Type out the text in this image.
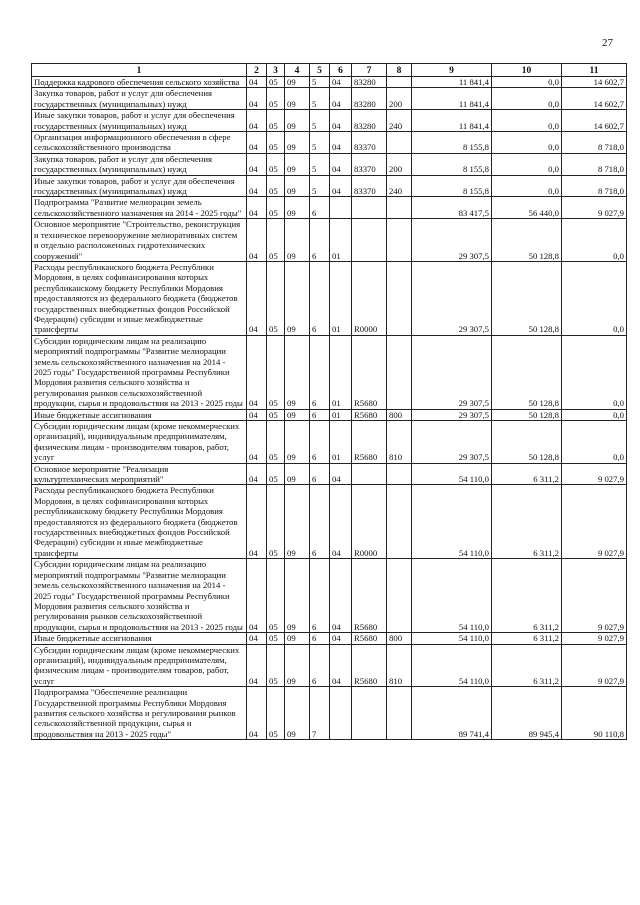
27
1	2	3	4	5	6	7	8	9	10	11
Поддержка кадрового обеспечения сельского хозяйства	04	05	09	5	04	83280		11 841,4	0,0	14 602,7
Закупка товаров, работ и услуг для обеспечения государственных (муниципальных) нужд	04	05	09	5	04	83280	200	11 841,4	0,0	14 602,7
Иные закупки товаров, работ и услуг для обеспечения государственных (муниципальных) нужд	04	05	09	5	04	83280	240	11 841,4	0,0	14 602,7
Организация информационного обеспечения в сфере сельскохозяйственного производства	04	05	09	5	04	83370		8 155,8	0,0	8 718,0
Закупка товаров, работ и услуг для обеспечения государственных (муниципальных) нужд	04	05	09	5	04	83370	200	8 155,8	0,0	8 718,0
Иные закупки товаров, работ и услуг для обеспечения государственных (муниципальных) нужд	04	05	09	5	04	83370	240	8 155,8	0,0	8 718,0
Подпрограмма "Развитие мелиорации земель сельскохозяйственного назначения на 2014 - 2025 годы"	04	05	09	6				83 417,5	56 440,0	9 027,9
Основное мероприятие "Строительство, реконструкция и техническое перевооружение мелиоративных систем и отдельно расположенных гидротехнических сооружений"	04	05	09	6	01			29 307,5	50 128,8	0,0
Расходы республиканского бюджета Республики Мордовия, в целях софинансирования которых республиканскому бюджету Республики Мордовия предоставляются из федерального бюджета (бюджетов государственных внебюджетных фондов Российской Федерации) субсидии и иные межбюджетные трансферты	04	05	09	6	01	R0000		29 307,5	50 128,8	0,0
Субсидии юридическим лицам на реализацию мероприятий подпрограммы "Развитие мелиорации земель сельскохозяйственного назначения на 2014 - 2025 годы" Государственной программы Республики Мордовия развития сельского хозяйства и регулирования рынков сельскохозяйственной продукции, сырья и продовольствия на 2013 - 2025 годы	04	05	09	6	01	R5680		29 307,5	50 128,8	0,0
Иные бюджетные ассигнования	04	05	09	6	01	R5680	800	29 307,5	50 128,8	0,0
Субсидии юридическим лицам (кроме некоммерческих организаций), индивидуальным предпринимателям, физическим лицам - производителям товаров, работ, услуг	04	05	09	6	01	R5680	810	29 307,5	50 128,8	0,0
Основное мероприятие "Реализация культуртехнических мероприятий"	04	05	09	6	04			54 110,0	6 311,2	9 027,9
Расходы республиканского бюджета Республики Мордовия, в целях софинансирования которых республиканскому бюджету Республики Мордовия предоставляются из федерального бюджета (бюджетов государственных внебюджетных фондов Российской Федерации) субсидии и иные межбюджетные трансферты	04	05	09	6	04	R0000		54 110,0	6 311,2	9 027,9
Субсидии юридическим лицам на реализацию мероприятий подпрограммы "Развитие мелиорации земель сельскохозяйственного назначения на 2014 - 2025 годы" Государственной программы Республики Мордовия развития сельского хозяйства и регулирования рынков сельскохозяйственной продукции, сырья и продовольствия на 2013 - 2025 годы	04	05	09	6	04	R5680		54 110,0	6 311,2	9 027,9
Иные бюджетные ассигнования	04	05	09	6	04	R5680	800	54 110,0	6 311,2	9 027,9
Субсидии юридическим лицам (кроме некоммерческих организаций), индивидуальным предпринимателям, физическим лицам - производителям товаров, работ, услуг	04	05	09	6	04	R5680	810	54 110,0	6 311,2	9 027,9
Подпрограмма "Обеспечение реализации Государственной программы Республики Мордовия развития сельского хозяйства и регулирования рынков сельскохозяйственной продукции, сырья и продовольствия на 2013 - 2025 годы"	04	05	09	7				89 741,4	89 945,4	90 110,8
